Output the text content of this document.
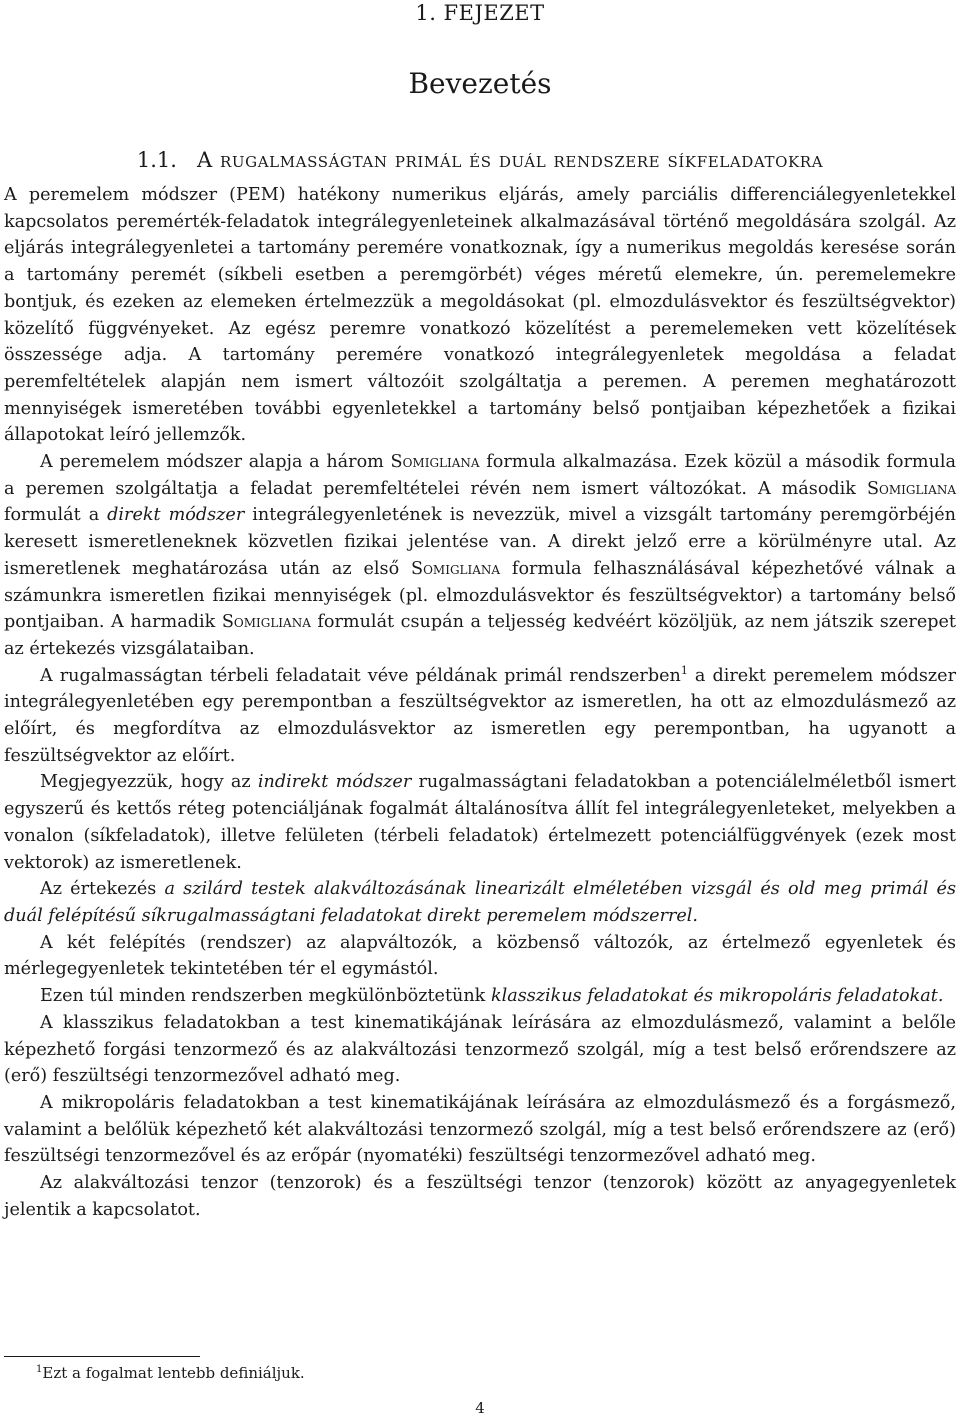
1. FEJEZET
Bevezetés
1.1. A rugalmasságtan primál és duál rendszere síkfeladatokra

A peremelem módszer (PEM) hatékony numerikus eljárás, amely parciális differenciálegyenletekkel kapcsolatos peremérték-feladatok integrálegyenleteinek alkalmazásával történő megoldására szolgál. Az eljárás integrálegyenletei a tartomány peremére vonatkoznak, így a numerikus megoldás keresése során a tartomány peremét (síkbeli esetben a peremgörbét) véges méretű elemekre, ún. peremelemekre bontjuk, és ezeken az elemeken értelmezzük a megoldásokat (pl. elmozdulásvektor és feszültségvektor) közelítő függvényeket. Az egész peremre vonatkozó közelítést a peremelemeken vett közelítések összessége adja. A tartomány peremére vonatkozó integrálegyenletek megoldása a feladat peremfeltételek alapján nem ismert változóit szolgáltatja a peremen. A peremen meghatározott mennyiségek ismeretében további egyenletekkel a tartomány belső pontjaiban képezhetőek a fizikai állapotokat leíró jellemzők.

A peremelem módszer alapja a három Somigliana formula alkalmazása. Ezek közül a második formula a peremen szolgáltatja a feladat peremfeltételei révén nem ismert változókat. A második Somigliana formulát a direkt módszer integrálegyenletének is nevezzük, mivel a vizsgált tartomány peremgörbéjén keresett ismeretleneknek közvetlen fizikai jelentése van. A direkt jelző erre a körülményre utal. Az ismeretlenek meghatározása után az első Somigliana formula felhasználásával képezhetővé válnak a számunkra ismeretlen fizikai mennyiségek (pl. elmozdulásvektor és feszültségvektor) a tartomány belső pontjaiban. A harmadik Somigliana formulát csupán a teljesség kedvéért közöljük, az nem játszik szerepet az értekezés vizsgálataiban.

A rugalmasságtan térbeli feladatait véve példának primál rendszerben$^1$ a direkt peremelem módszer integrálegyenletében egy perempontban a feszültségvektor az ismeretlen, ha ott az elmozdulásmező az előírt, és megfordítva az elmozdulásvektor az ismeretlen egy perempontban, ha ugyanott a feszültségvektor az előírt.

Megjegyezzük, hogy az indirekt módszer rugalmasságtani feladatokban a potenciálelméletből ismert egyszerű és kettős réteg potenciáljának fogalmát általánosítva állít fel integrálegyenleteket, melyekben a vonalon (síkfeladatok), illetve felületen (térbeli feladatok) értelmezett potenciálfüggvények (ezek most vektorok) az ismeretlenek.

Az értekezés a szilárd testek alakváltozásának linearizált elméletében vizsgál és old meg primál és duál felépítésű síkrugalmasságtani feladatokat direkt peremelem módszerrel.

A két felépítés (rendszer) az alapváltozók, a közbenső változók, az értelmező egyenletek és mérlegegyenletek tekintetében tér el egymástól.

Ezen túl minden rendszerben megkülönböztetünk klasszikus feladatokat és mikropoláris feladatokat.

A klasszikus feladatokban a test kinematikájának leírására az elmozdulásmező, valamint a belőle képezhető forgási tenzormező és az alakváltozási tenzormező szolgál, míg a test belső erőrendszere az (erő) feszültségi tenzormezővel adható meg.

A mikropoláris feladatokban a test kinematikájának leírására az elmozdulásmező és a forgásmező, valamint a belőlük képezhető két alakváltozási tenzormező szolgál, míg a test belső erőrendszere az (erő) feszültségi tenzormezővel és az erőpár (nyomatéki) feszültségi tenzormezővel adható meg.

Az alakváltozási tenzor (tenzorok) és a feszültségi tenzor (tenzorok) között az anyagegyenletek jelentik a kapcsolatot.

$^1$Ezt a fogalmat lentebb definiáljuk.
4
